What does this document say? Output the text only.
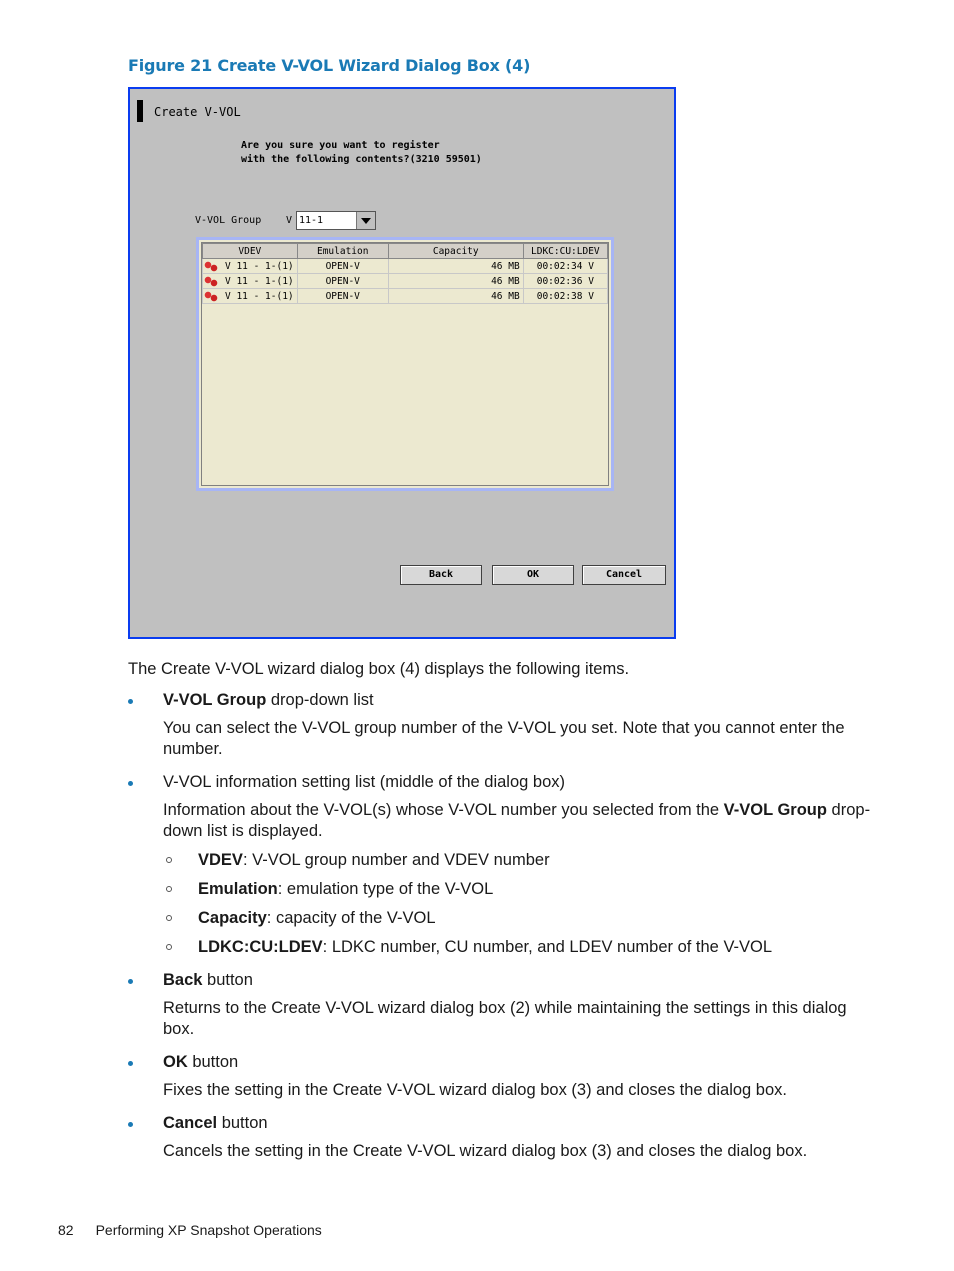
Figure 21 Create V-VOL Wizard Dialog Box (4)
Create V-VOL
Are you sure you want to register
with the following contents?(3210 59501)
V-VOL Group V 11-1
VDEV	Emulation	Capacity	LDKC:CU:LDEV
V 11 - 1-(1)	OPEN-V	46 MB	00:02:34 V
V 11 - 1-(1)	OPEN-V	46 MB	00:02:36 V
V 11 - 1-(1)	OPEN-V	46 MB	00:02:38 V
Back	OK	Cancel

The Create V-VOL wizard dialog box (4) displays the following items.

V-VOL Group drop-down list

You can select the V-VOL group number of the V-VOL you set. Note that you cannot enter the number.

V-VOL information setting list (middle of the dialog box)

Information about the V-VOL(s) whose V-VOL number you selected from the V-VOL Group drop-down list is displayed.

VDEV: V-VOL group number and VDEV number
Emulation: emulation type of the V-VOL
Capacity: capacity of the V-VOL
LDKC:CU:LDEV: LDKC number, CU number, and LDEV number of the V-VOL

Back button

Returns to the Create V-VOL wizard dialog box (2) while maintaining the settings in this dialog box.

OK button

Fixes the setting in the Create V-VOL wizard dialog box (3) and closes the dialog box.

Cancel button

Cancels the setting in the Create V-VOL wizard dialog box (3) and closes the dialog box.

82 Performing XP Snapshot Operations
